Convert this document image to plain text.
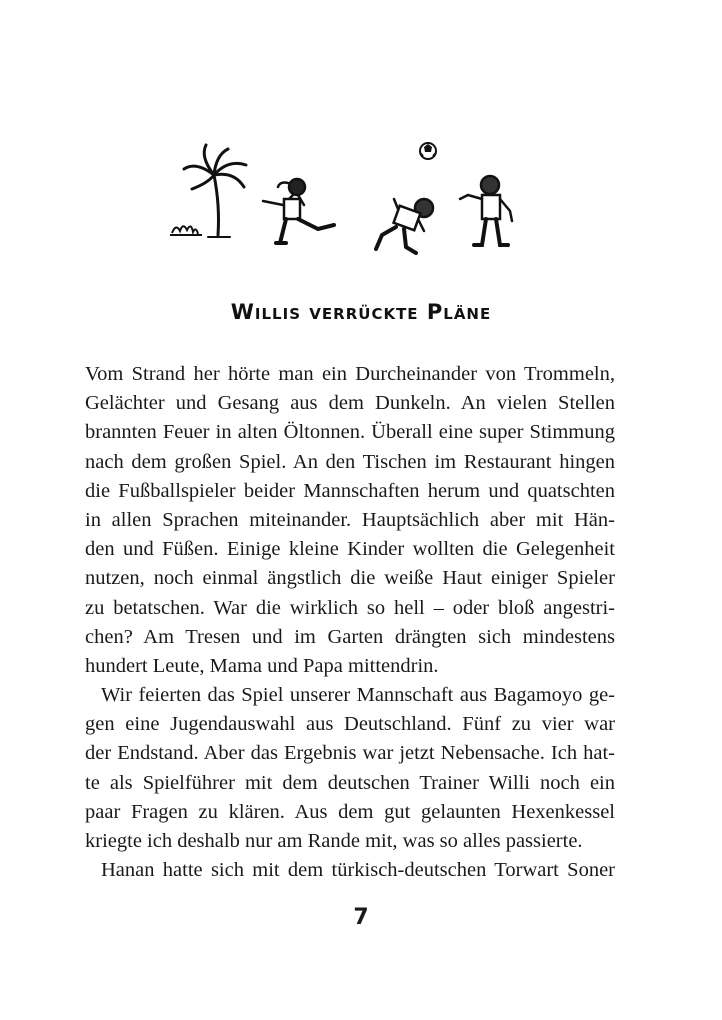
Willis verrückte Pläne
Vom Strand her hörte man ein Durcheinander von Trommeln,
Gelächter und Gesang aus dem Dunkeln. An vielen Stellen
brannten Feuer in alten Öltonnen. Überall eine super Stimmung
nach dem großen Spiel. An den Tischen im Restaurant hingen
die Fußballspieler beider Mannschaften herum und quatschten
in allen Sprachen miteinander. Hauptsächlich aber mit Hän-
den und Füßen. Einige kleine Kinder wollten die Gelegenheit
nutzen, noch einmal ängstlich die weiße Haut einiger Spieler
zu betatschen. War die wirklich so hell – oder bloß angestri-
chen? Am Tresen und im Garten drängten sich mindestens
hundert Leute, Mama und Papa mittendrin.
Wir feierten das Spiel unserer Mannschaft aus Bagamoyo ge-
gen eine Jugendauswahl aus Deutschland. Fünf zu vier war
der Endstand. Aber das Ergebnis war jetzt Nebensache. Ich hat-
te als Spielführer mit dem deutschen Trainer Willi noch ein
paar Fragen zu klären. Aus dem gut gelaunten Hexenkessel
kriegte ich deshalb nur am Rande mit, was so alles passierte.
Hanan hatte sich mit dem türkisch-deutschen Torwart Soner
7
